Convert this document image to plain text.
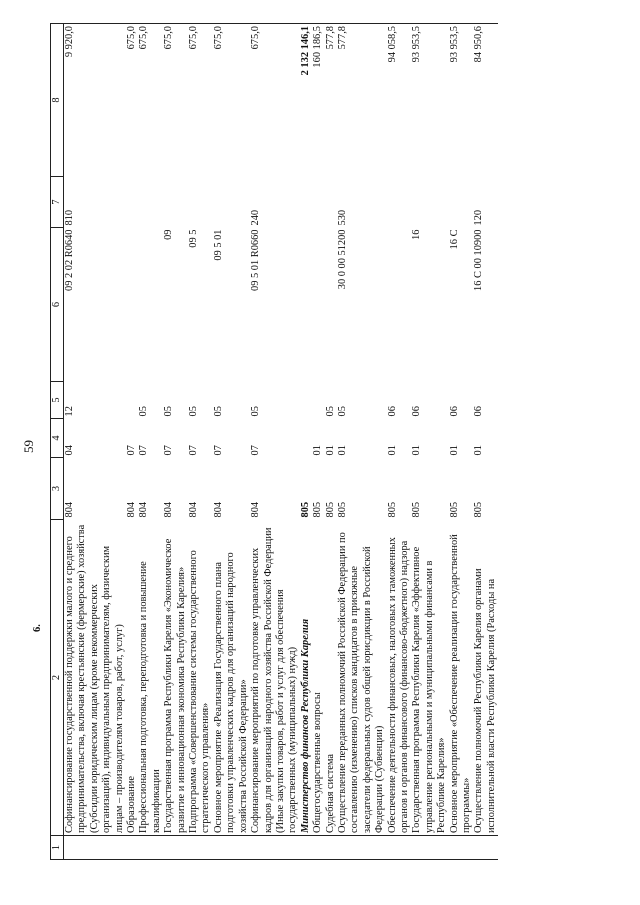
59
6.
1	2	3	4	5	6	7	8
	Софинансирование государственной поддержки малого и среднего предпринимательства, включая крестьянские (фермерские) хозяйства (Субсидии юридическим лицам (кроме некоммерческих организаций), индивидуальным предпринимателям, физическим лицам – производителям товаров, работ, услуг)	804	04	12	09 2 02 R0640	810	9 920,0
	Образование	804	07				675,0
	Профессиональная подготовка, переподготовка и повышение квалификации	804	07	05			675,0
	Государственная программа Республики Карелия «Экономическое развитие и инновационная экономика Республики Карелия»	804	07	05	09		675,0
	Подпрограмма «Совершенствование системы государственного стратегического управления»	804	07	05	09 5		675,0
	Основное мероприятие «Реализация Государственного плана подготовки управленческих кадров для организаций народного хозяйства Российской Федерации»	804	07	05	09 5 01		675,0
	Софинансирование мероприятий по подготовке управленческих кадров для организаций народного хозяйства Российской Федерации (Иные закупки товаров, работ и услуг для обеспечения государственных (муниципальных) нужд)	804	07	05	09 5 01 R0660	240	675,0
	Министерство финансов Республики Карелия	805					2 132 146,1
	Общегосударственные вопросы	805	01				160 186,5
	Судебная система	805	01	05			577,8
	Осуществление переданных полномочий Российской Федерации по составлению (изменению) списков кандидатов в присяжные заседатели федеральных судов общей юрисдикции в Российской Федерации (Субвенции)	805	01	05	30 0 00 51200	530	577,8
	Обеспечение деятельности финансовых, налоговых и таможенных органов и органов финансового (финансово-бюджетного) надзора	805	01	06			94 058,5
	Государственная программа Республики Карелия «Эффективное управление региональными и муниципальными финансами в Республике Карелия»	805	01	06	16		93 953,5
	Основное мероприятие «Обеспечение реализации государственной программы»	805	01	06	16 С		93 953,5
	Осуществление полномочий Республики Карелия органами исполнительной власти Республики Карелия (Расходы на	805	01	06	16 С 00 10900	120	84 950,6
